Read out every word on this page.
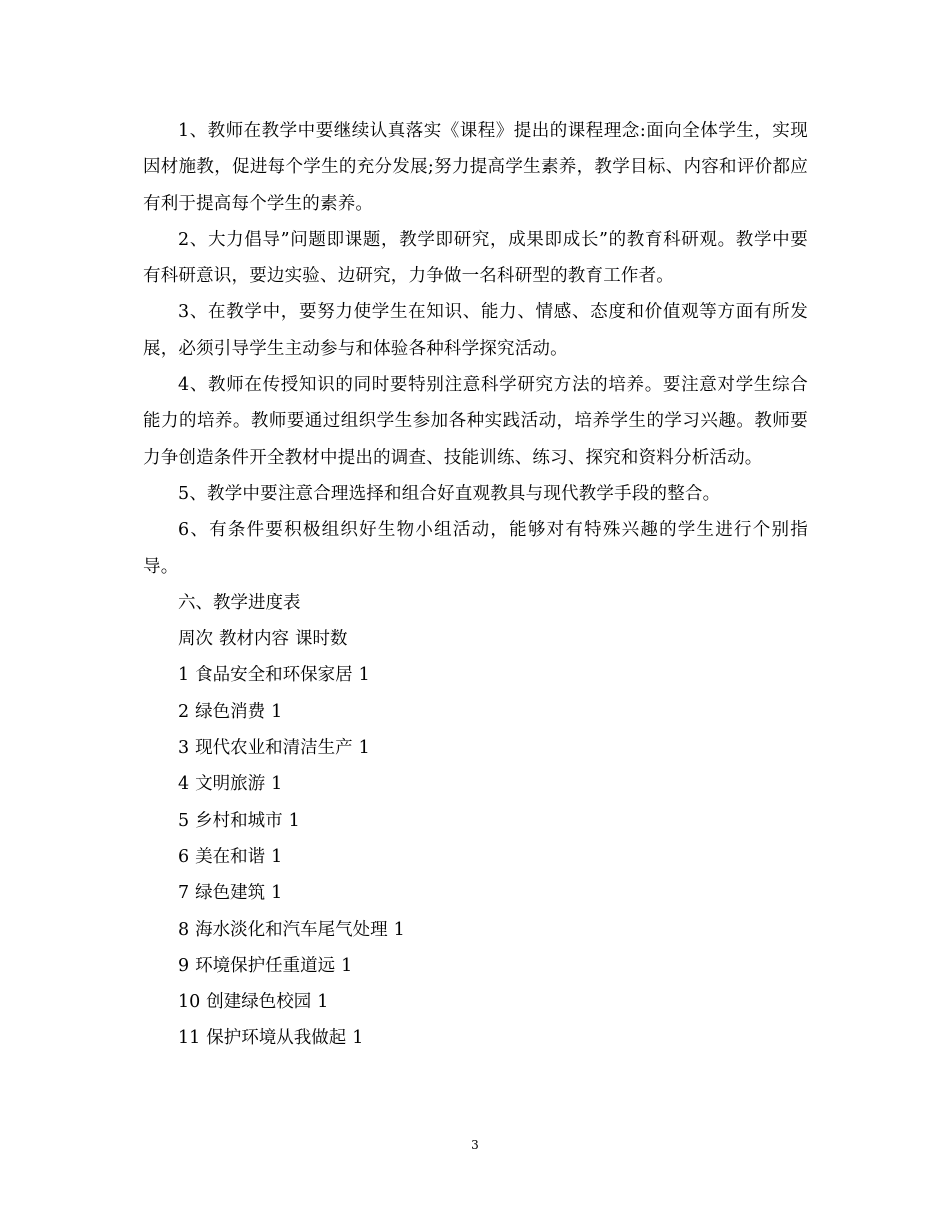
1、教师在教学中要继续认真落实《课程》提出的课程理念:面向全体学生，实现因材施教，促进每个学生的充分发展;努力提高学生素养，教学目标、内容和评价都应有利于提高每个学生的素养。

2、大力倡导”问题即课题，教学即研究，成果即成长”的教育科研观。教学中要有科研意识，要边实验、边研究，力争做一名科研型的教育工作者。

3、在教学中，要努力使学生在知识、能力、情感、态度和价值观等方面有所发展，必须引导学生主动参与和体验各种科学探究活动。

4、教师在传授知识的同时要特别注意科学研究方法的培养。要注意对学生综合能力的培养。教师要通过组织学生参加各种实践活动，培养学生的学习兴趣。教师要力争创造条件开全教材中提出的调查、技能训练、练习、探究和资料分析活动。

5、教学中要注意合理选择和组合好直观教具与现代教学手段的整合。

6、有条件要积极组织好生物小组活动，能够对有特殊兴趣的学生进行个别指导。

六、教学进度表

周次 教材内容 课时数

1 食品安全和环保家居 1

2 绿色消费 1

3 现代农业和清洁生产 1

4 文明旅游 1

5 乡村和城市 1

6 美在和谐 1

7 绿色建筑 1

8 海水淡化和汽车尾气处理 1

9 环境保护任重道远 1

10 创建绿色校园 1

11 保护环境从我做起 1

3
